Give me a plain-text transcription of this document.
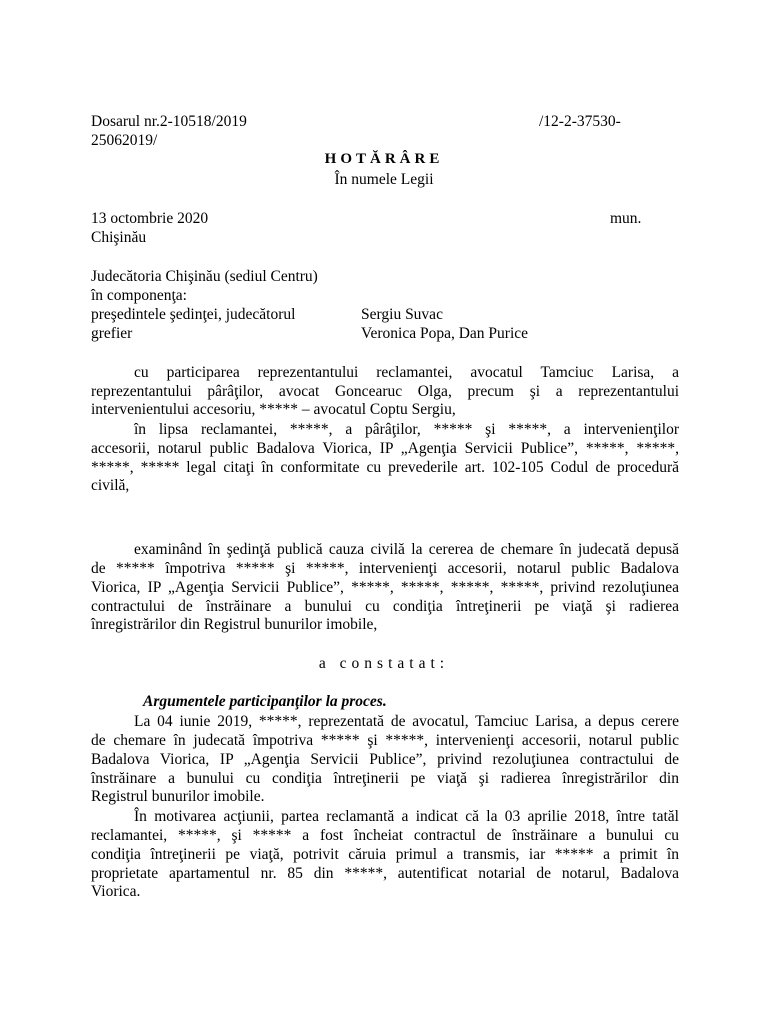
Dosarul nr.2-10518/2019	/12-2-37530-
25062019/
HOTĂRÂRE
În numele Legii
13 octombrie 2020	mun.
Chişinău
Judecătoria Chişinău (sediul Centru)
în componenţa:
preşedintele şedinţei, judecătorul	Sergiu Suvac
grefier	Veronica Popa, Dan Purice
cu participarea reprezentantului reclamantei, avocatul Tamciuc Larisa, a
reprezentantului pârâţilor, avocat Goncearuc Olga, precum şi a reprezentantului
intervenientului accesoriu, ***** – avocatul Coptu Sergiu,
în lipsa reclamantei, *****, a pârâţilor, ***** şi *****, a intervenienţilor
accesorii, notarul public Badalova Viorica, IP „Agenţia Servicii Publice”, *****, *****,
*****, ***** legal citaţi în conformitate cu prevederile art. 102-105 Codul de procedură
civilă,
examinând în şedinţă publică cauza civilă la cererea de chemare în judecată depusă
de ***** împotriva ***** şi *****, intervenienţi accesorii, notarul public Badalova
Viorica, IP „Agenţia Servicii Publice”, *****, *****, *****, *****, privind rezoluţiunea
contractului de înstrăinare a bunului cu condiţia întreţinerii pe viaţă şi radierea
înregistrărilor din Registrul bunurilor imobile,
a constatat:
Argumentele participanţilor la proces.
La 04 iunie 2019, *****, reprezentată de avocatul, Tamciuc Larisa, a depus cerere
de chemare în judecată împotriva ***** şi *****, intervenienţi accesorii, notarul public
Badalova Viorica, IP „Agenţia Servicii Publice”, privind rezoluţiunea contractului de
înstrăinare a bunului cu condiţia întreţinerii pe viaţă şi radierea înregistrărilor din
Registrul bunurilor imobile.
În motivarea acţiunii, partea reclamantă a indicat că la 03 aprilie 2018, între tatăl
reclamantei, *****, şi ***** a fost încheiat contractul de înstrăinare a bunului cu
condiţia întreţinerii pe viaţă, potrivit căruia primul a transmis, iar ***** a primit în
proprietate apartamentul nr. 85 din *****, autentificat notarial de notarul, Badalova
Viorica.
